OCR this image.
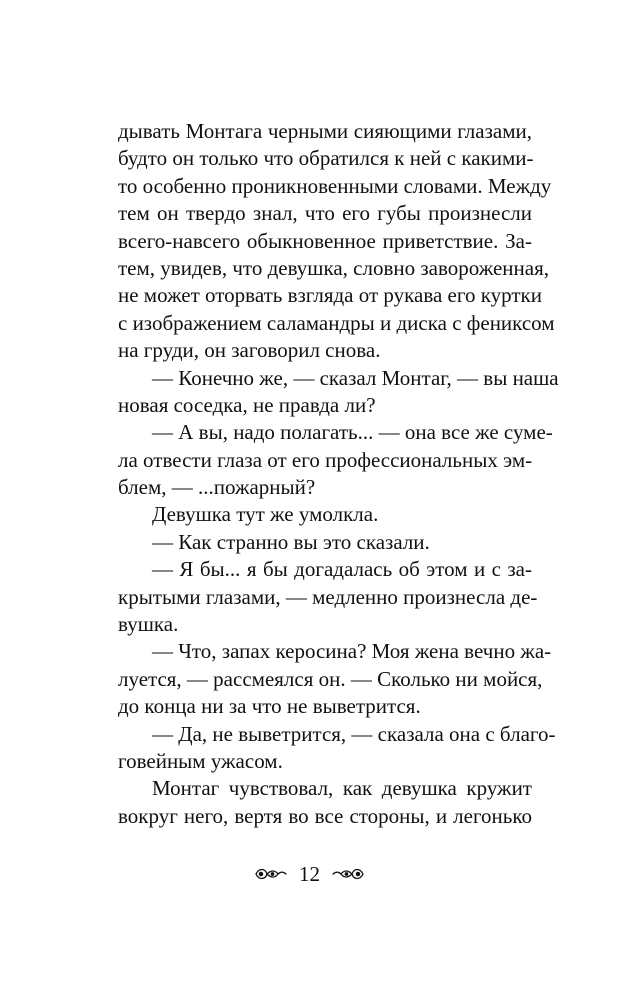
дывать Монтага черными сияющими глазами,
будто он только что обратился к ней с какими-
то особенно проникновенными словами. Между
тем он твердо знал, что его губы произнесли
всего-навсего обыкновенное приветствие. За-
тем, увидев, что девушка, словно завороженная,
не может оторвать взгляда от рукава его куртки
с изображением саламандры и диска с фениксом
на груди, он заговорил снова.
— Конечно же, — сказал Монтаг, — вы наша
новая соседка, не правда ли?
— А вы, надо полагать... — она все же суме-
ла отвести глаза от его профессиональных эм-
блем, — ...пожарный?
Девушка тут же умолкла.
— Как странно вы это сказали.
— Я бы... я бы догадалась об этом и с за-
крытыми глазами, — медленно произнесла де-
вушка.
— Что, запах керосина? Моя жена вечно жа-
луется, — рассмеялся он. — Сколько ни мойся,
до конца ни за что не выветрится.
— Да, не выветрится, — сказала она с благо-
говейным ужасом.
Монтаг чувствовал, как девушка кружит
вокруг него, вертя во все стороны, и легонько
12
